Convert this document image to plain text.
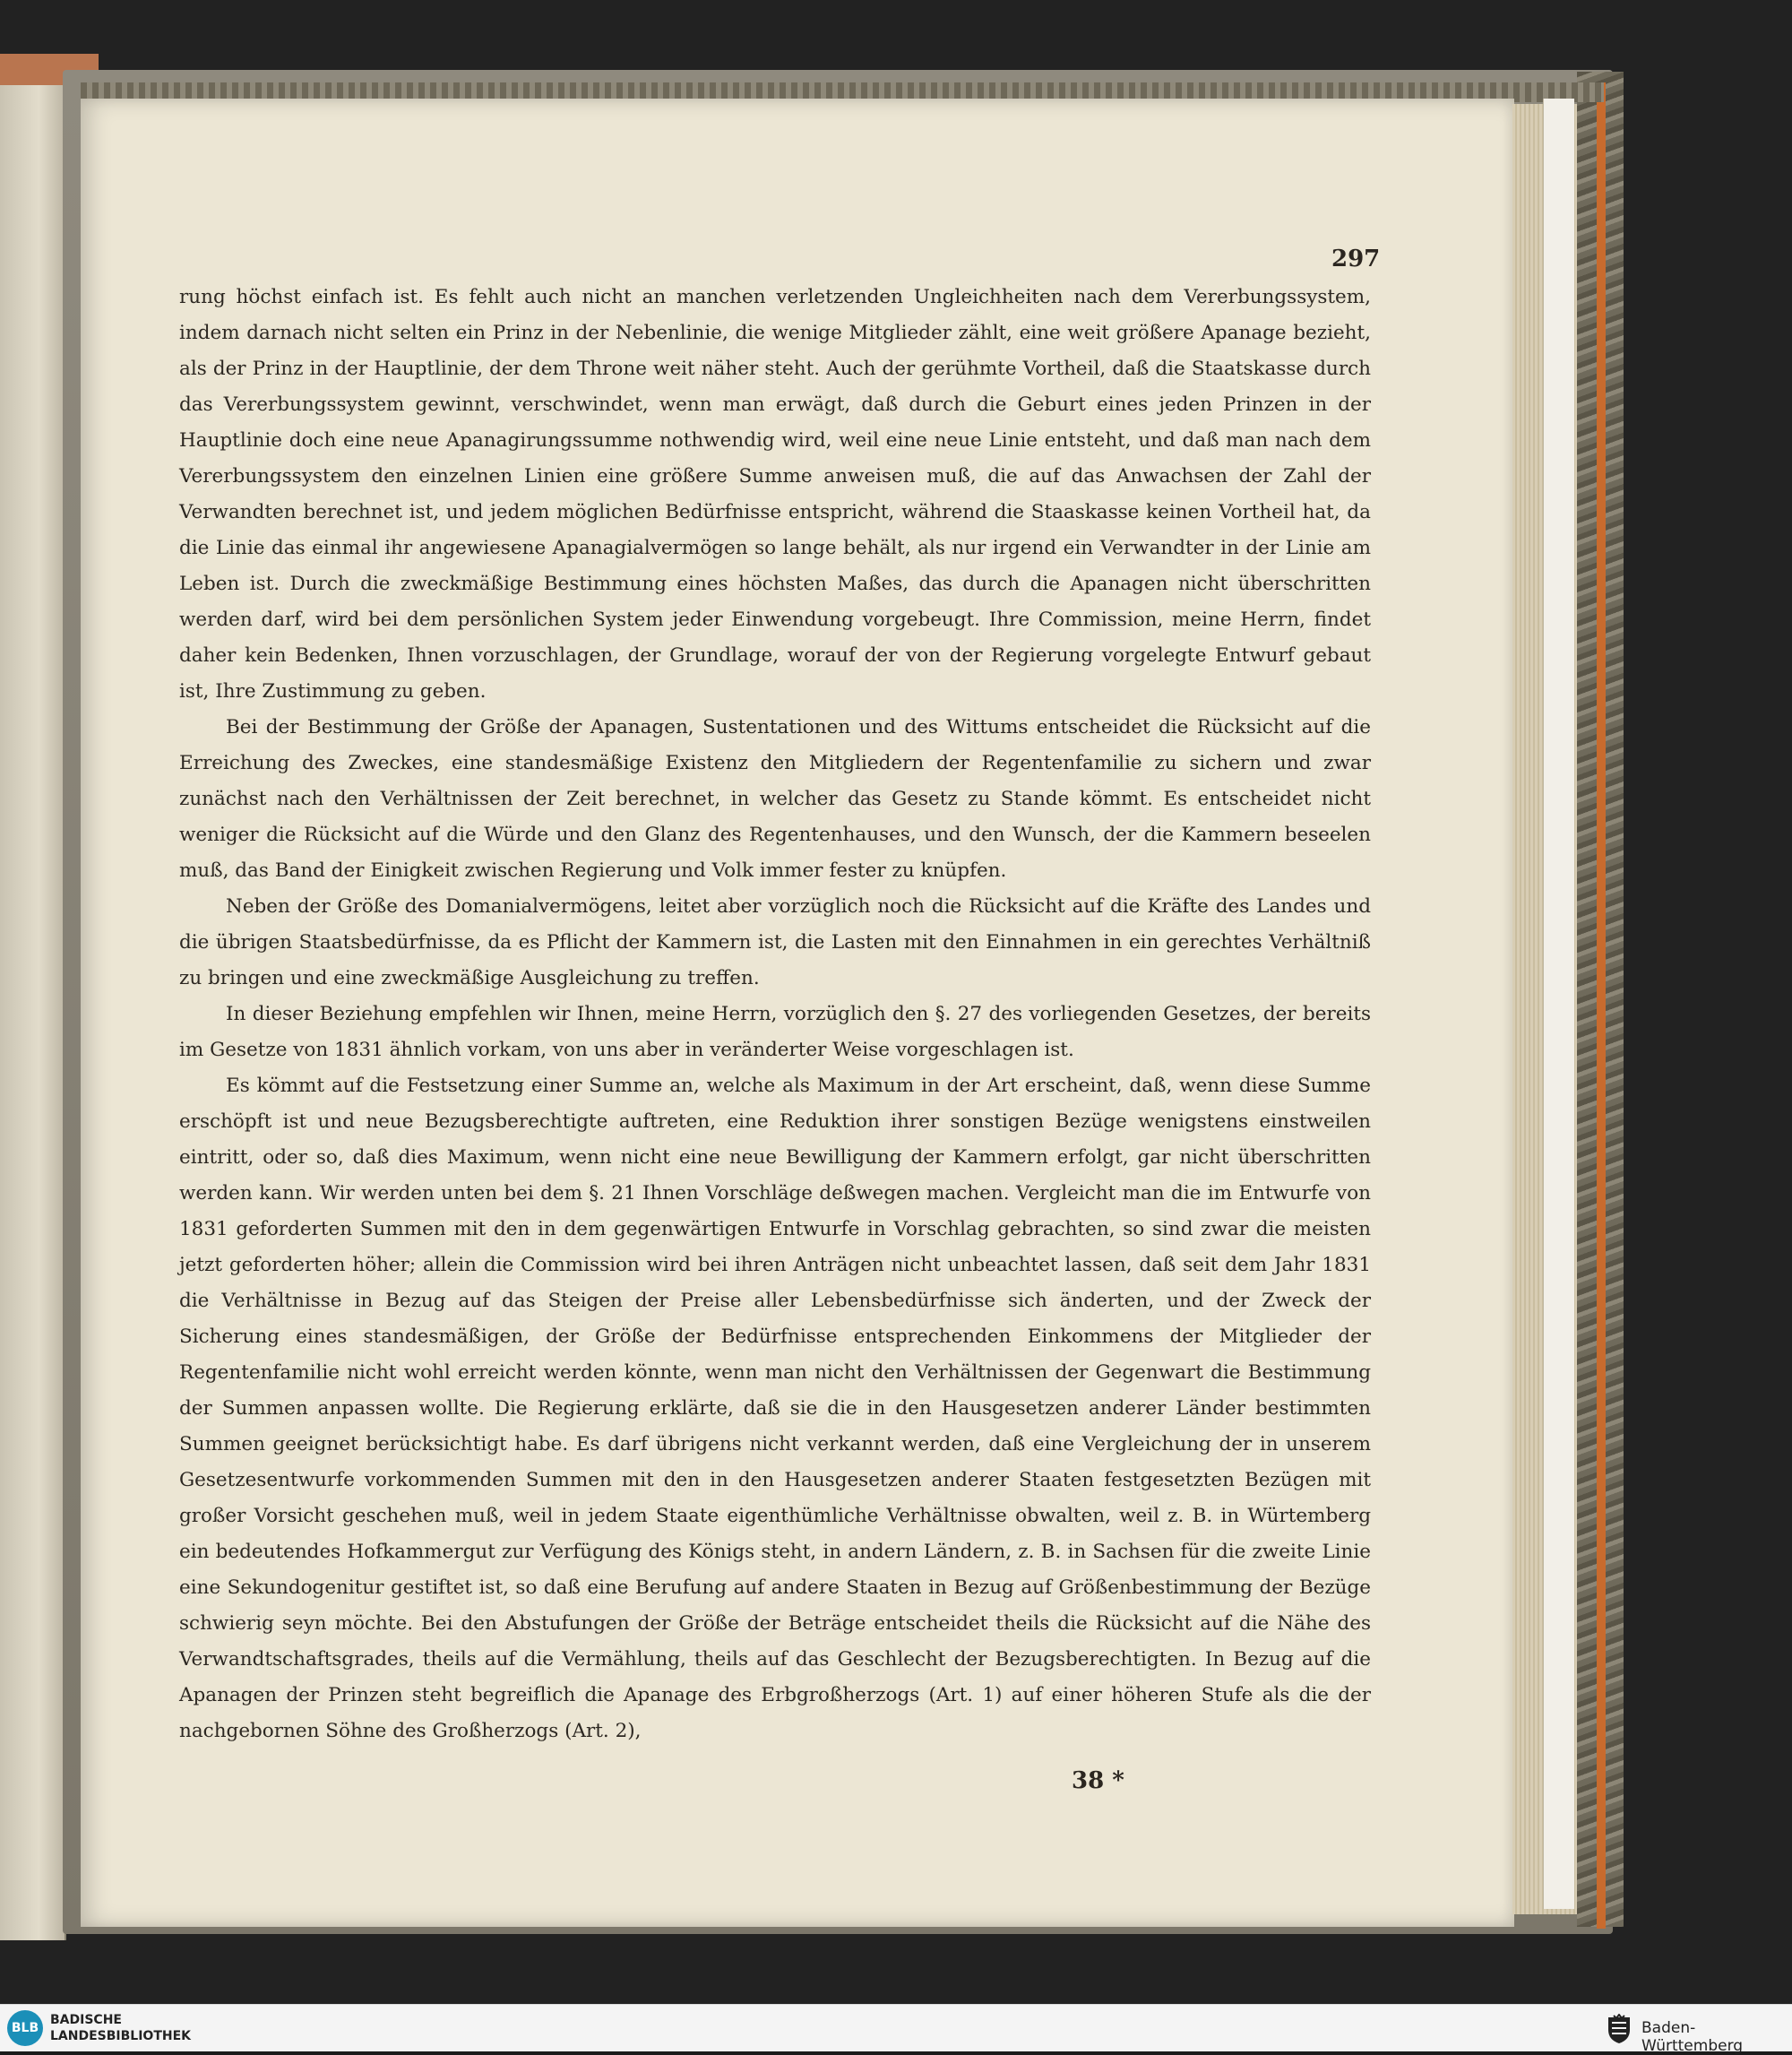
297

rung höchst einfach ist. Es fehlt auch nicht an manchen verletzenden Ungleichheiten nach dem Vererbungssystem, indem darnach nicht selten ein Prinz in der Nebenlinie, die wenige Mitglieder zählt, eine weit größere Apanage bezieht, als der Prinz in der Hauptlinie, der dem Throne weit näher steht. Auch der gerühmte Vortheil, daß die Staatskasse durch das Vererbungssystem gewinnt, verschwindet, wenn man erwägt, daß durch die Geburt eines jeden Prinzen in der Hauptlinie doch eine neue Apanagirungssumme nothwendig wird, weil eine neue Linie entsteht, und daß man nach dem Vererbungssystem den einzelnen Linien eine größere Summe anweisen muß, die auf das Anwachsen der Zahl der Verwandten berechnet ist, und jedem möglichen Bedürfnisse entspricht, während die Staaskasse keinen Vortheil hat, da die Linie das einmal ihr angewiesene Apanagialvermögen so lange behält, als nur irgend ein Verwandter in der Linie am Leben ist. Durch die zweckmäßige Bestimmung eines höchsten Maßes, das durch die Apanagen nicht überschritten werden darf, wird bei dem persönlichen System jeder Einwendung vorgebeugt. Ihre Commission, meine Herrn, findet daher kein Bedenken, Ihnen vorzuschlagen, der Grundlage, worauf der von der Regierung vorgelegte Entwurf gebaut ist, Ihre Zustimmung zu geben.

Bei der Bestimmung der Größe der Apanagen, Sustentationen und des Wittums entscheidet die Rücksicht auf die Erreichung des Zweckes, eine standesmäßige Existenz den Mitgliedern der Regentenfamilie zu sichern und zwar zunächst nach den Verhältnissen der Zeit berechnet, in welcher das Gesetz zu Stande kömmt. Es entscheidet nicht weniger die Rücksicht auf die Würde und den Glanz des Regentenhauses, und den Wunsch, der die Kammern beseelen muß, das Band der Einigkeit zwischen Regierung und Volk immer fester zu knüpfen.

Neben der Größe des Domanialvermögens, leitet aber vorzüglich noch die Rücksicht auf die Kräfte des Landes und die übrigen Staatsbedürfnisse, da es Pflicht der Kammern ist, die Lasten mit den Einnahmen in ein gerechtes Verhältniß zu bringen und eine zweckmäßige Ausgleichung zu treffen.

In dieser Beziehung empfehlen wir Ihnen, meine Herrn, vorzüglich den §. 27 des vorliegenden Gesetzes, der bereits im Gesetze von 1831 ähnlich vorkam, von uns aber in veränderter Weise vorgeschlagen ist.

Es kömmt auf die Festsetzung einer Summe an, welche als Maximum in der Art erscheint, daß, wenn diese Summe erschöpft ist und neue Bezugsberechtigte auftreten, eine Reduktion ihrer sonstigen Bezüge wenigstens einstweilen eintritt, oder so, daß dies Maximum, wenn nicht eine neue Bewilligung der Kammern erfolgt, gar nicht überschritten werden kann. Wir werden unten bei dem §. 21 Ihnen Vorschläge deßwegen machen. Vergleicht man die im Entwurfe von 1831 geforderten Summen mit den in dem gegenwärtigen Entwurfe in Vorschlag gebrachten, so sind zwar die meisten jetzt geforderten höher; allein die Commission wird bei ihren Anträgen nicht unbeachtet lassen, daß seit dem Jahr 1831 die Verhältnisse in Bezug auf das Steigen der Preise aller Lebensbedürfnisse sich änderten, und der Zweck der Sicherung eines standesmäßigen, der Größe der Bedürfnisse entsprechenden Einkommens der Mitglieder der Regentenfamilie nicht wohl erreicht werden könnte, wenn man nicht den Verhältnissen der Gegenwart die Bestimmung der Summen anpassen wollte. Die Regierung erklärte, daß sie die in den Hausgesetzen anderer Länder bestimmten Summen geeignet berücksichtigt habe. Es darf übrigens nicht verkannt werden, daß eine Vergleichung der in unserem Gesetzesentwurfe vorkommenden Summen mit den in den Hausgesetzen anderer Staaten festgesetzten Bezügen mit großer Vorsicht geschehen muß, weil in jedem Staate eigenthümliche Verhältnisse obwalten, weil z. B. in Würtemberg ein bedeutendes Hofkammergut zur Verfügung des Königs steht, in andern Ländern, z. B. in Sachsen für die zweite Linie eine Sekundogenitur gestiftet ist, so daß eine Berufung auf andere Staaten in Bezug auf Größenbestimmung der Bezüge schwierig seyn möchte. Bei den Abstufungen der Größe der Beträge entscheidet theils die Rücksicht auf die Nähe des Verwandtschaftsgrades, theils auf die Vermählung, theils auf das Geschlecht der Bezugsberechtigten. In Bezug auf die Apanagen der Prinzen steht begreiflich die Apanage des Erbgroßherzogs (Art. 1) auf einer höheren Stufe als die der nachgebornen Söhne des Großherzogs (Art. 2),

38 *
BLB
BADISCHE
LANDESBIBLIOTHEK	Baden-Württemberg
